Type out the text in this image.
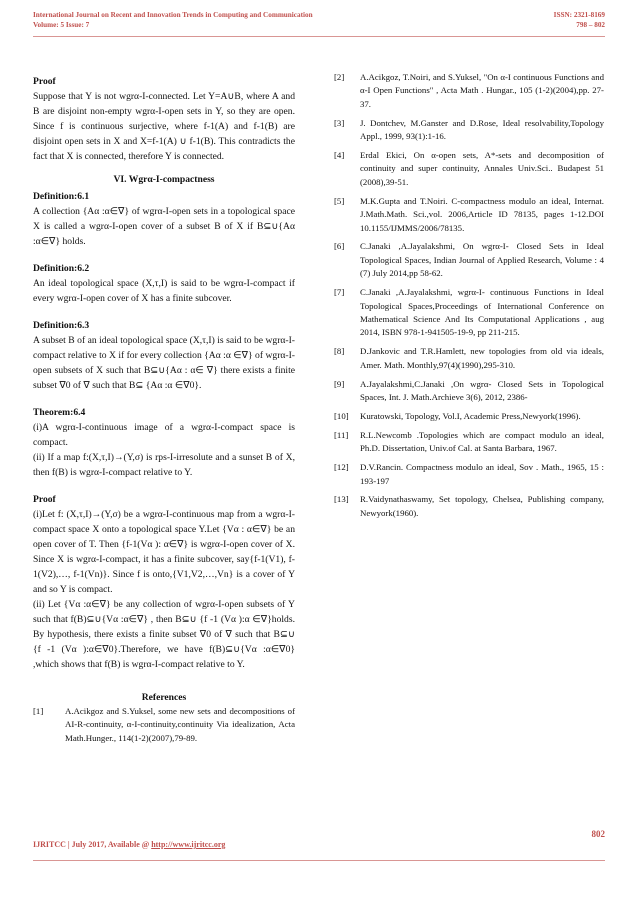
International Journal on Recent and Innovation Trends in Computing and Communication
Volume: 5 Issue: 7
ISSN: 2321-8169
798 – 802

Proof

Suppose that Y is not wgrα-I-connected. Let Y=A∪B, where A and B are disjoint non-empty wgrα-I-open sets in Y, so they are open. Since f is continuous surjective, where f-1(A) and f-1(B) are disjoint open sets in X and X=f-1(A) ∪ f-1(B). This contradicts the fact that X is connected, therefore Y is connected.

VI. Wgrα-I-compactness

Definition:6.1

A collection {Aα :α∈∇} of wgrα-I-open sets in a topological space X is called a wgrα-I-open cover of a subset B of X if B⊆∪{Aα :α∈∇} holds.

Definition:6.2

An ideal topological space (X,τ,I) is said to be wgrα-I-compact if every wgrα-I-open cover of X has a finite subcover.

Definition:6.3

A subset B of an ideal topological space (X,τ,I) is said to be wgrα-I- compact relative to X if for every collection {Aα :α ∈∇} of wgrα-I-open subsets of X such that B⊆∪{Aα : α∈ ∇} there exists a finite subset ∇0 of ∇ such that B⊆ {Aα :α ∈∇0}.

Theorem:6.4

(i)A wgrα-I-continuous image of a wgrα-I-compact space is compact.

(ii) If a map f:(X,τ,I)→(Y,σ) is rps-I-irresolute and a sunset B of X, then f(B) is wgrα-I-compact relative to Y.

Proof

(i)Let f: (X,τ,I)→(Y,σ) be a wgrα-I-continuous map from a wgrα-I-compact space X onto a topological space Y.Let {Vα : α∈∇} be an open cover of T. Then {f-1(Vα ): α∈∇} is wgrα-I-open cover of X. Since X is wgrα-I-compact, it has a finite subcover, say{f-1(V1), f-1(V2),…, f-1(Vn)}. Since f is onto,{V1,V2,…,Vn} is a cover of Y and so Y is compact.

(ii) Let {Vα :α∈∇} be any collection of wgrα-I-open subsets of Y such that f(B)⊆∪{Vα :α∈∇} , then B⊆∪ {f -1 (Vα ):α ∈∇}holds. By hypothesis, there exists a finite subset ∇0 of ∇ such that B⊆∪ {f -1 (Vα ):α∈∇0}.Therefore, we have f(B)⊆∪{Vα :α∈∇0} ,which shows that f(B) is wgrα-I-compact relative to Y.

References
[1]	A.Acikgoz and S.Yuksel, some new sets and decompositions of AI-R-continuity, α-I-continuity,continuity Via idealization, Acta Math.Hunger., 114(1-2)(2007),79-89.
[2]	A.Acikgoz, T.Noiri, and S.Yuksel, "On α-I continuous Functions and α-I Open Functions" , Acta Math . Hungar., 105 (1-2)(2004),pp. 27-37.
[3]	J. Dontchev, M.Ganster and D.Rose, Ideal resolvability,Topology Appl., 1999, 93(1):1-16.
[4]	Erdal Ekici, On α-open sets, A*-sets and decomposition of continuity and super continuity, Annales Univ.Sci.. Budapest 51 (2008),39-51.
[5]	M.K.Gupta and T.Noiri. C-compactness modulo an ideal, Internat. J.Math.Math. Sci.,vol. 2006,Article ID 78135, pages 1-12.DOI 10.1155/IJMMS/2006/78135.
[6]	C.Janaki ,A.Jayalakshmi, On wgrα-I- Closed Sets in Ideal Topological Spaces, Indian Journal of Applied Research, Volume : 4 (7) July 2014,pp 58-62.
[7]	C.Janaki ,A.Jayalakshmi, wgrα-I- continuous Functions in Ideal Topological Spaces,Proceedings of International Conference on Mathematical Science And Its Computational Applications , aug 2014, ISBN 978-1-941505-19-9, pp 211-215.
[8]	D.Jankovic and T.R.Hamlett, new topologies from old via ideals, Amer. Math. Monthly,97(4)(1990),295-310.
[9]	A.Jayalakshmi,C.Janaki ,On wgrα- Closed Sets in Topological Spaces, Int. J. Math.Archieve 3(6), 2012, 2386-
[10]	Kuratowski, Topology, Vol.I, Academic Press,Newyork(1996).
[11]	R.L.Newcomb .Topologies which are compact modulo an ideal, Ph.D. Dissertation, Univ.of Cal. at Santa Barbara, 1967.
[12]	D.V.Rancin. Compactness modulo an ideal, Sov . Math., 1965, 15 : 193-197
[13]	R.Vaidynathaswamy, Set topology, Chelsea, Publishing company, Newyork(1960).
802
IJRITCC | July 2017, Available @ http://www.ijritcc.org
